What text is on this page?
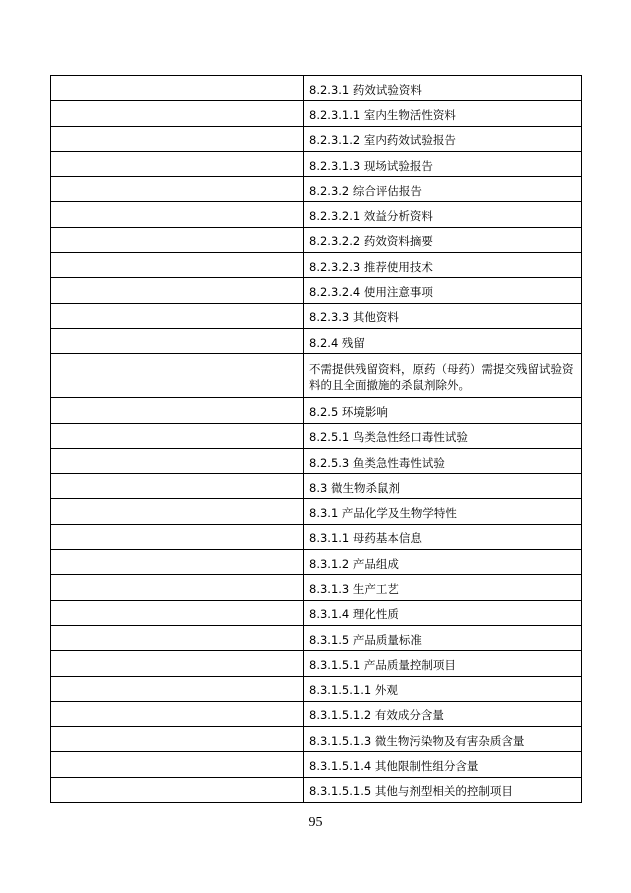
	8.2.3.1 药效试验资料
	8.2.3.1.1 室内生物活性资料
	8.2.3.1.2 室内药效试验报告
	8.2.3.1.3 现场试验报告
	8.2.3.2 综合评估报告
	8.2.3.2.1 效益分析资料
	8.2.3.2.2 药效资料摘要
	8.2.3.2.3 推荐使用技术
	8.2.3.2.4 使用注意事项
	8.2.3.3 其他资料
	8.2.4 残留
	不需提供残留资料，原药（母药）需提交残留试验资料的且全面撤施的杀鼠剂除外。
	8.2.5 环境影响
	8.2.5.1 鸟类急性经口毒性试验
	8.2.5.3 鱼类急性毒性试验
	8.3 微生物杀鼠剂
	8.3.1 产品化学及生物学特性
	8.3.1.1 母药基本信息
	8.3.1.2 产品组成
	8.3.1.3 生产工艺
	8.3.1.4 理化性质
	8.3.1.5 产品质量标准
	8.3.1.5.1 产品质量控制项目
	8.3.1.5.1.1 外观
	8.3.1.5.1.2 有效成分含量
	8.3.1.5.1.3 微生物污染物及有害杂质含量
	8.3.1.5.1.4 其他限制性组分含量
	8.3.1.5.1.5 其他与剂型相关的控制项目
95
